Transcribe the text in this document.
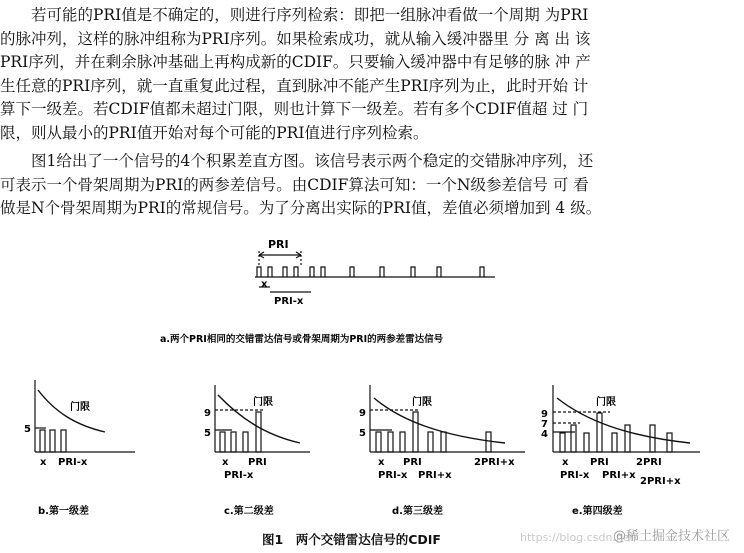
　　若可能的PRI值是不确定的，则进行序列检索：即把一组脉冲看做一个周期 为PRI
的脉冲列，这样的脉冲组称为PRI序列。如果检索成功，就从输入缓冲器里 分 离 出 该
PRI序列，并在剩余脉冲基础上再构成新的CDIF。只要输入缓冲器中有足够的脉 冲 产
生任意的PRI序列，就一直重复此过程，直到脉冲不能产生PRI序列为止，此时开始 计
算下一级差。若CDIF值都未超过门限，则也计算下一级差。若有多个CDIF值超 过 门
限，则从最小的PRI值开始对每个可能的PRI值进行序列检索。
　　图1给出了一个信号的4个积累差直方图。该信号表示两个稳定的交错脉冲序列，还
可表示一个骨架周期为PRI的两参差信号。由CDIF算法可知：一个N级参差信号 可 看
做是N个骨架周期为PRI的常规信号。为了分离出实际的PRI值，差值必须增加到 4 级。
PRI
x
PRI-x
a.两个PRI相同的交错雷达信号或骨架周期为PRI的两参差雷达信号
5
门限
x PRI-x
b.第一级差
9
5
门限
x PRI
PRI-x
c.第二级差
9
5
门限
x PRI	2PRI+x
PRI-x PRI+x
d.第三级差
9
7
4
门限
x PRI	2PRI
PRI-x PRI+x
2PRI+x
e.第四级差
图1　两个交错雷达信号的CDIF	https://blog.csdn.net/
@稀土掘金技术社区
